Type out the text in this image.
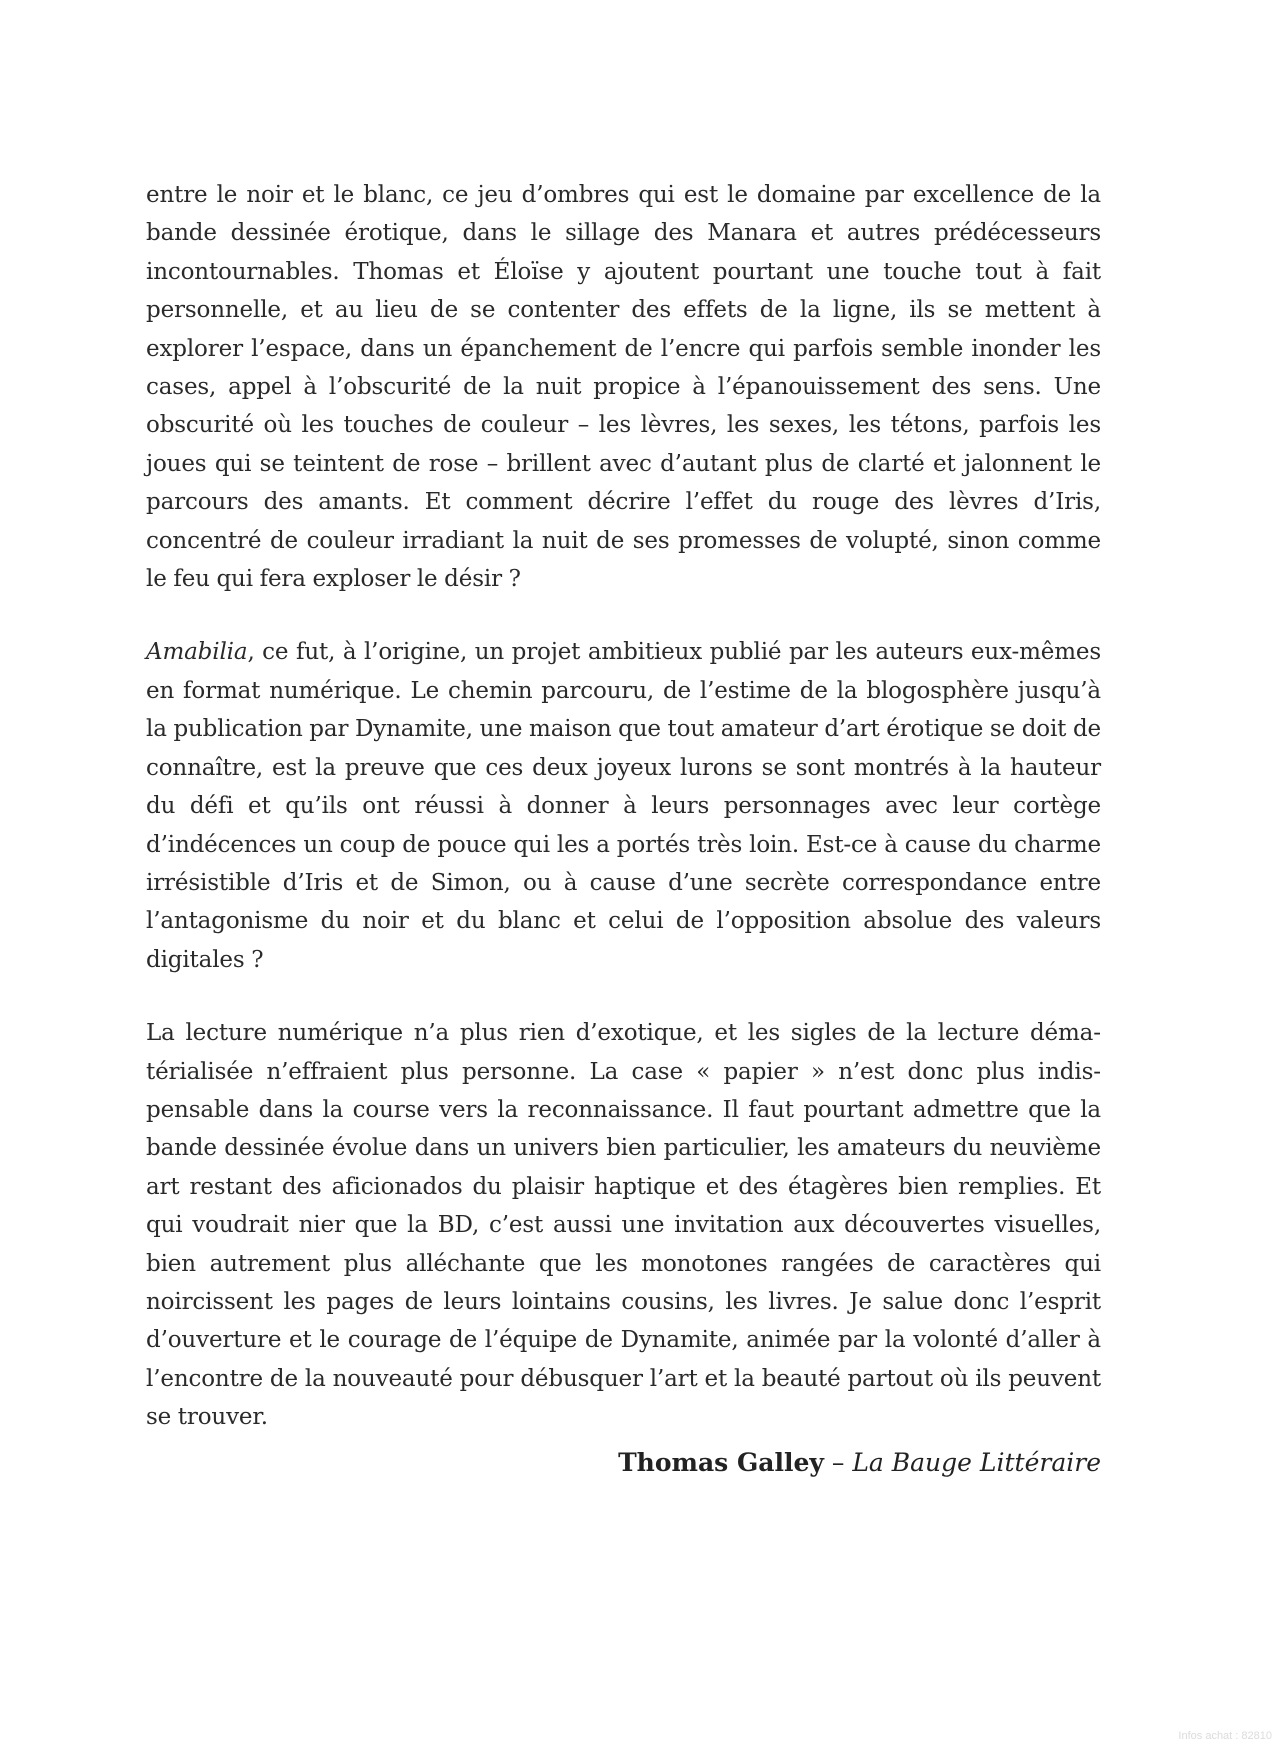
entre le noir et le blanc, ce jeu d’ombres qui est le domaine par excellence de la bande dessinée érotique, dans le sillage des Manara et autres prédécesseurs incontournables. Thomas et Éloïse y ajoutent pourtant une touche tout à fait personnelle, et au lieu de se contenter des effets de la ligne, ils se mettent à explorer l’espace, dans un épanchement de l’encre qui parfois semble inonder les cases, appel à l’obscurité de la nuit propice à l’épanouissement des sens. Une obscurité où les touches de couleur – les lèvres, les sexes, les tétons, parfois les joues qui se teintent de rose – brillent avec d’autant plus de clarté et jalonnent le parcours des amants. Et comment décrire l’effet du rouge des lèvres d’Iris, concentré de couleur irradiant la nuit de ses promesses de volupté, sinon comme le feu qui fera exploser le désir ?

Amabilia, ce fut, à l’origine, un projet ambitieux publié par les auteurs eux-mêmes en format numérique. Le chemin parcouru, de l’estime de la blogosphère jusqu’à la publication par Dynamite, une maison que tout amateur d’art érotique se doit de connaître, est la preuve que ces deux joyeux lurons se sont montrés à la hauteur du défi et qu’ils ont réussi à donner à leurs personnages avec leur cortège d’indécences un coup de pouce qui les a portés très loin. Est-ce à cause du charme irrésistible d’Iris et de Simon, ou à cause d’une secrète correspondance entre l’antagonisme du noir et du blanc et celui de l’opposition absolue des valeurs digitales ?

La lecture numérique n’a plus rien d’exotique, et les sigles de la lecture dématérialisée n’effraient plus personne. La case « papier » n’est donc plus indispensable dans la course vers la reconnaissance. Il faut pourtant admettre que la bande dessinée évolue dans un univers bien particulier, les amateurs du neuvième art restant des aficionados du plaisir haptique et des étagères bien remplies. Et qui voudrait nier que la BD, c’est aussi une invitation aux découvertes visuelles, bien autrement plus alléchante que les monotones rangées de caractères qui noircissent les pages de leurs lointains cousins, les livres. Je salue donc l’esprit d’ouverture et le courage de l’équipe de Dynamite, animée par la volonté d’aller à l’encontre de la nouveauté pour débusquer l’art et la beauté partout où ils peuvent se trouver.

Thomas Galley – La Bauge Littéraire
Infos achat : 82810
